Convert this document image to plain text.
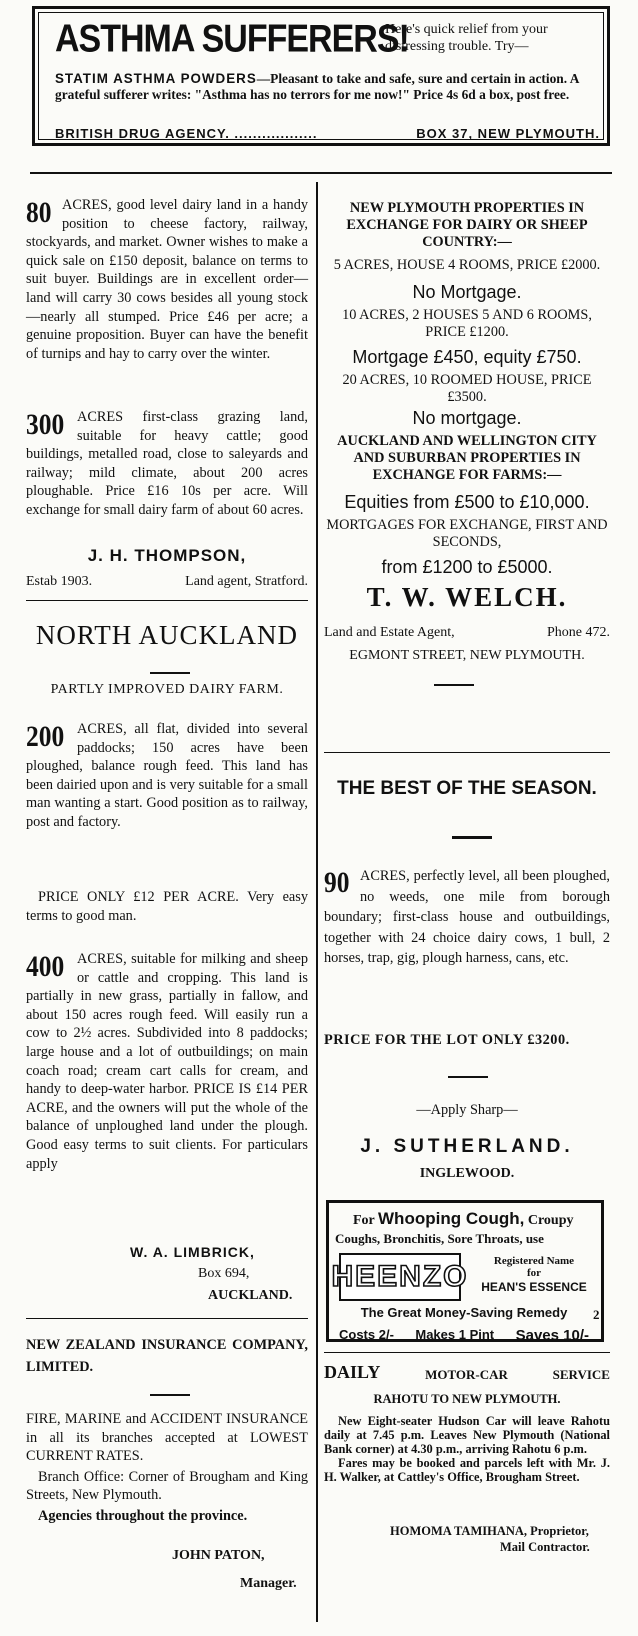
ASTHMA SUFFERERS!
Here's quick relief from your distressing trouble. Try—
STATIM ASTHMA POWDERS—Pleasant to take and safe, sure and certain in action. A grateful sufferer writes: "Asthma has no terrors for me now!" Price 4s 6d a box, post free.
BRITISH DRUG AGENCY. ..................	BOX 37, NEW PLYMOUTH.

80 ACRES, good level dairy land in a handy position to cheese factory, railway, stockyards, and market. Owner wishes to make a quick sale on £150 deposit, balance on terms to suit buyer. Buildings are in excellent order—land will carry 30 cows besides all young stock—nearly all stumped. Price £46 per acre; a genuine proposition. Buyer can have the benefit of turnips and hay to carry over the winter.

300 ACRES first-class grazing land, suitable for heavy cattle; good buildings, metalled road, close to saleyards and railway; mild climate, about 200 acres ploughable. Price £16 10s per acre. Will exchange for small dairy farm of about 60 acres.

J. H. THOMPSON,
Estab 1903.	Land agent, Stratford.
NORTH AUCKLAND
PARTLY IMPROVED DAIRY FARM.

200 ACRES, all flat, divided into several paddocks; 150 acres have been ploughed, balance rough feed. This land has been dairied upon and is very suitable for a small man wanting a start. Good position as to railway, post and factory.

PRICE ONLY £12 PER ACRE. Very easy terms to good man.

400 ACRES, suitable for milking and sheep or cattle and cropping. This land is partially in new grass, partially in fallow, and about 150 acres rough feed. Will easily run a cow to 2½ acres. Subdivided into 8 paddocks; large house and a lot of outbuildings; on main coach road; cream cart calls for cream, and handy to deep-water harbor. PRICE IS £14 PER ACRE, and the owners will put the whole of the balance of unploughed land under the plough. Good easy terms to suit clients. For particulars apply

W. A. LIMBRICK,
Box 694,
AUCKLAND.
NEW ZEALAND INSURANCE COMPANY, LIMITED.

FIRE, MARINE and ACCIDENT INSURANCE in all its branches accepted at LOWEST CURRENT RATES.

Branch Office: Corner of Brougham and King Streets, New Plymouth.

Agencies throughout the province.

JOHN PATON,
Manager.
NEW PLYMOUTH PROPERTIES IN EXCHANGE FOR DAIRY OR SHEEP COUNTRY:—
5 ACRES, HOUSE 4 ROOMS, PRICE £2000.
No Mortgage.
10 ACRES, 2 HOUSES 5 AND 6 ROOMS, PRICE £1200.
Mortgage £450, equity £750.
20 ACRES, 10 ROOMED HOUSE, PRICE £3500.
No mortgage.
AUCKLAND AND WELLINGTON CITY AND SUBURBAN PROPERTIES IN EXCHANGE FOR FARMS:—
Equities from £500 to £10,000.
MORTGAGES FOR EXCHANGE, FIRST AND SECONDS,
from £1200 to £5000.
T. W. WELCH.
Land and Estate Agent,	Phone 472.
EGMONT STREET, NEW PLYMOUTH.
THE BEST OF THE SEASON.

90 ACRES, perfectly level, all been ploughed, no weeds, one mile from borough boundary; first-class house and outbuildings, together with 24 choice dairy cows, 1 bull, 2 horses, trap, gig, plough harness, cans, etc.

PRICE FOR THE LOT ONLY £3200.
—Apply Sharp—
J. SUTHERLAND.
INGLEWOOD.
For Whooping Cough, Croupy
Coughs, Bronchitis, Sore Throats, use
HEENZO	Registered Name
for
HEAN'S ESSENCE
The Great Money-Saving Remedy	2
Costs 2/- Makes 1 Pint Saves 10/-
DAILY	MOTOR-CAR	SERVICE
RAHOTU TO NEW PLYMOUTH.

New Eight-seater Hudson Car will leave Rahotu daily at 7.45 p.m. Leaves New Plymouth (National Bank corner) at 4.30 p.m., arriving Rahotu 6 p.m.

Fares may be booked and parcels left with Mr. J. H. Walker, at Cattley's Office, Brougham Street.

HOMOMA TAMIHANA, Proprietor,
Mail Contractor.
